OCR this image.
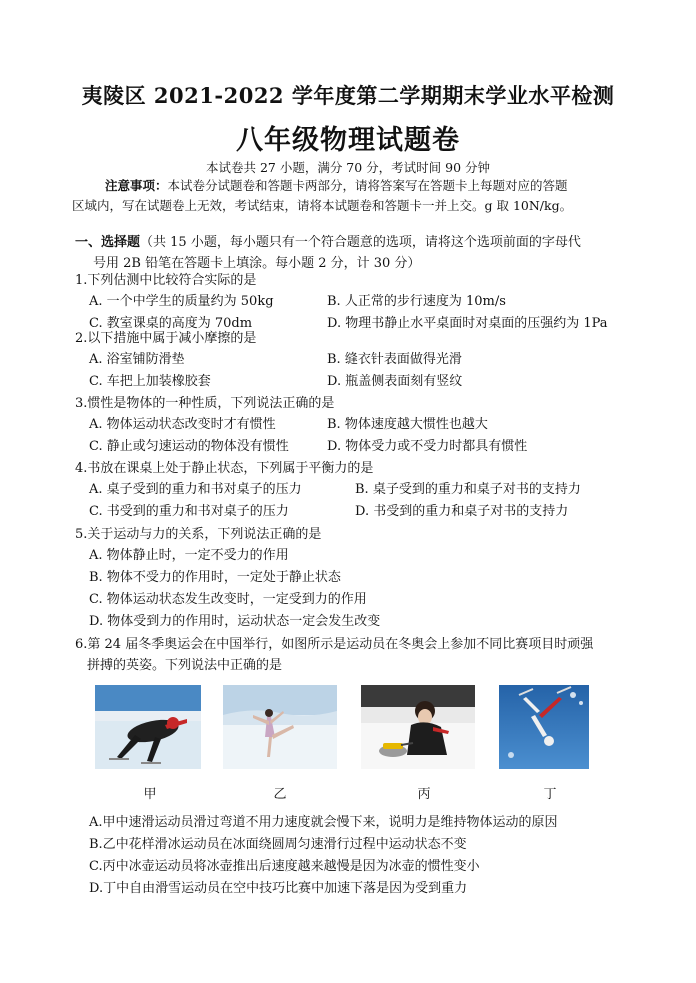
夷陵区 2021-2022 学年度第二学期期末学业水平检测
八年级物理试题卷
本试卷共 27 小题，满分 70 分，考试时间 90 分钟
注意事项：本试卷分试题卷和答题卡两部分，请将答案写在答题卡上每题对应的答题
区域内，写在试题卷上无效，考试结束，请将本试题卷和答题卡一并上交。g 取 10N/kg。
一、选择题（共 15 小题，每小题只有一个符合题意的选项，请将这个选项前面的字母代
号用 2B 铅笔在答题卡上填涂。每小题 2 分，计 30 分）
1.下列估测中比较符合实际的是
A. 一个中学生的质量约为 50kg	B. 人正常的步行速度为 10m/s
C. 教室课桌的高度为 70dm	D. 物理书静止水平桌面时对桌面的压强约为 1Pa
2.以下措施中属于减小摩擦的是
A. 浴室铺防滑垫	B. 缝衣针表面做得光滑
C. 车把上加装橡胶套	D. 瓶盖侧表面刻有竖纹
3.惯性是物体的一种性质，下列说法正确的是
A. 物体运动状态改变时才有惯性	B. 物体速度越大惯性也越大
C. 静止或匀速运动的物体没有惯性	D. 物体受力或不受力时都具有惯性
4.书放在课桌上处于静止状态，下列属于平衡力的是
A. 桌子受到的重力和书对桌子的压力	B. 桌子受到的重力和桌子对书的支持力
C. 书受到的重力和书对桌子的压力	D. 书受到的重力和桌子对书的支持力
5.关于运动与力的关系，下列说法正确的是
A. 物体静止时，一定不受力的作用
B. 物体不受力的作用时，一定处于静止状态
C. 物体运动状态发生改变时，一定受到力的作用
D. 物体受到力的作用时，运动状态一定会发生改变
6.第 24 届冬季奥运会在中国举行，如图所示是运动员在冬奥会上参加不同比赛项目时顽强
拼搏的英姿。下列说法中正确的是
甲	乙	丙	丁
A.甲中速滑运动员滑过弯道不用力速度就会慢下来，说明力是维持物体运动的原因
B.乙中花样滑冰运动员在冰面绕圆周匀速滑行过程中运动状态不变
C.丙中冰壶运动员将冰壶推出后速度越来越慢是因为冰壶的惯性变小
D.丁中自由滑雪运动员在空中技巧比赛中加速下落是因为受到重力
